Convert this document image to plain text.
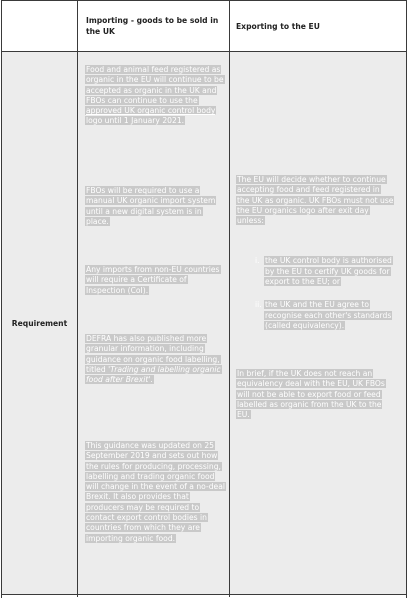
Importing - goods to be sold in the UK
Exporting to the EU
Requirement

Food and animal feed registered as organic in the EU will continue to be accepted as organic in the UK and FBOs can continue to use the approved UK organic control body logo until 1 January 2021.

FBOs will be required to use a manual UK organic import system until a new digital system is in place.

Any imports from non-EU countries will require a Certificate of Inspection (CoI).

DEFRA has also published more granular information, including guidance on organic food labelling, titled 'Trading and labelling organic food after Brexit'.

This guidance was updated on 25 September 2019 and sets out how the rules for producing, processing, labelling and trading organic food will change in the event of a no-deal Brexit. It also provides that producers may be required to contact export control bodies in countries from which they are importing organic food.

The EU will decide whether to continue accepting food and feed registered in the UK as organic. UK FBOs must not use the EU organics logo after exit day unless:

i. the UK control body is authorised by the EU to certify UK goods for export to the EU; or

ii. the UK and the EU agree to recognise each other's standards (called equivalency).

In brief, if the UK does not reach an equivalency deal with the EU, UK FBOs will not be able to export food or feed labelled as organic from the UK to the EU.
